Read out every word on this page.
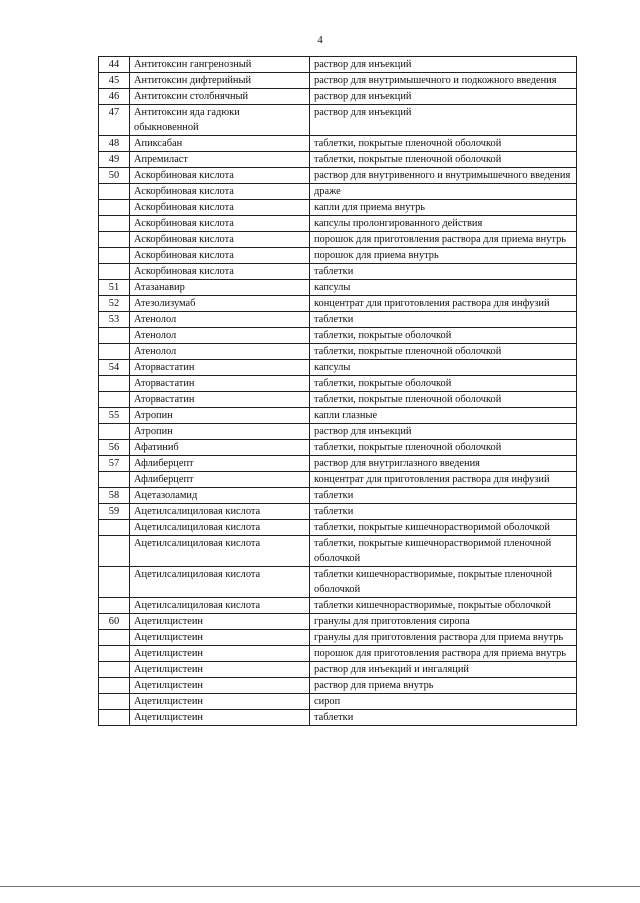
4
44	Антитоксин гангренозный	раствор для инъекций
45	Антитоксин дифтерийный	раствор для внутримышечного и подкожного введения
46	Антитоксин столбнячный	раствор для инъекций
47	Антитоксин яда гадюки обыкновенной	раствор для инъекций
48	Апиксабан	таблетки, покрытые пленочной оболочкой
49	Апремиласт	таблетки, покрытые пленочной оболочкой
50	Аскорбиновая кислота	раствор для внутривенного и внутримышечного введения
	Аскорбиновая кислота	драже
	Аскорбиновая кислота	капли для приема внутрь
	Аскорбиновая кислота	капсулы пролонгированного действия
	Аскорбиновая кислота	порошок для приготовления раствора для приема внутрь
	Аскорбиновая кислота	порошок для приема внутрь
	Аскорбиновая кислота	таблетки
51	Атазанавир	капсулы
52	Атезолизумаб	концентрат для приготовления раствора для инфузий
53	Атенолол	таблетки
	Атенолол	таблетки, покрытые оболочкой
	Атенолол	таблетки, покрытые пленочной оболочкой
54	Аторвастатин	капсулы
	Аторвастатин	таблетки, покрытые оболочкой
	Аторвастатин	таблетки, покрытые пленочной оболочкой
55	Атропин	капли глазные
	Атропин	раствор для инъекций
56	Афатиниб	таблетки, покрытые пленочной оболочкой
57	Афлиберцепт	раствор для внутриглазного введения
	Афлиберцепт	концентрат для приготовления раствора для инфузий
58	Ацетазоламид	таблетки
59	Ацетилсалициловая кислота	таблетки
	Ацетилсалициловая кислота	таблетки, покрытые кишечнорастворимой оболочкой
	Ацетилсалициловая кислота	таблетки, покрытые кишечнорастворимой пленочной оболочкой
	Ацетилсалициловая кислота	таблетки кишечнорастворимые, покрытые пленочной оболочкой
	Ацетилсалициловая кислота	таблетки кишечнорастворимые, покрытые оболочкой
60	Ацетилцистеин	гранулы для приготовления сиропа
	Ацетилцистеин	гранулы для приготовления раствора для приема внутрь
	Ацетилцистеин	порошок для приготовления раствора для приема внутрь
	Ацетилцистеин	раствор для инъекций и ингаляций
	Ацетилцистеин	раствор для приема внутрь
	Ацетилцистеин	сироп
	Ацетилцистеин	таблетки
